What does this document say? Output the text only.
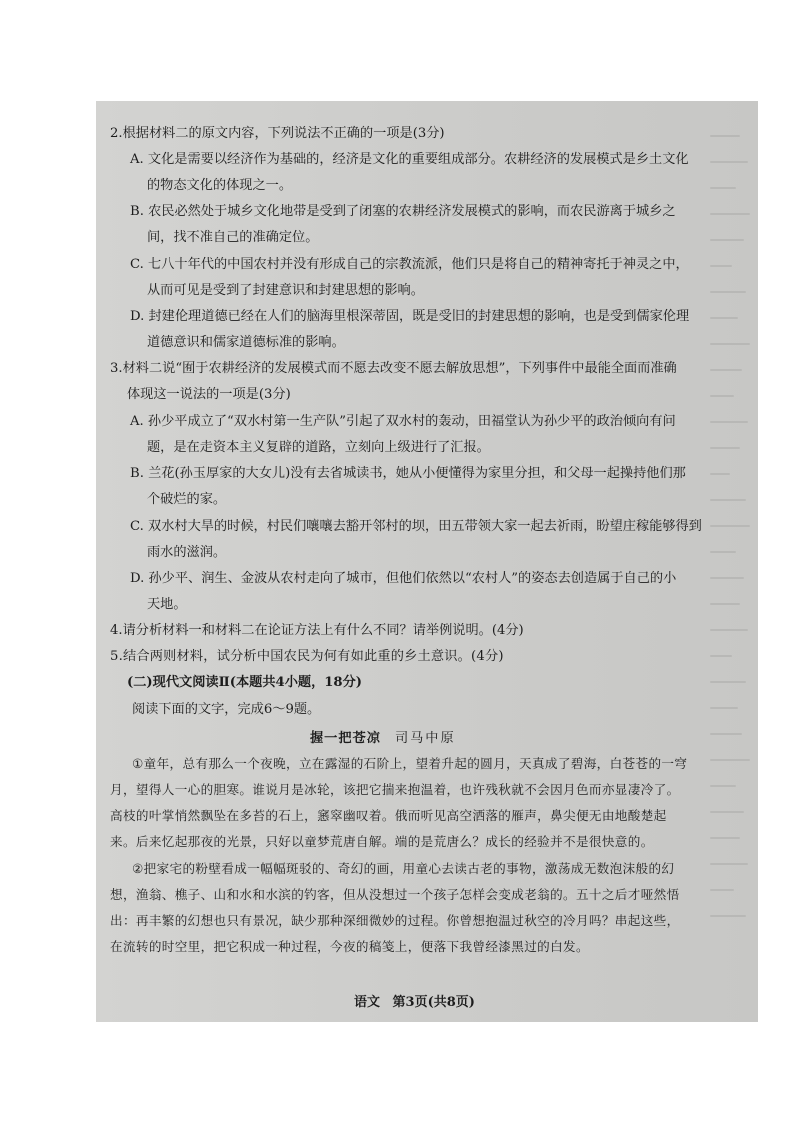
2.根据材料二的原文内容，下列说法不正确的一项是(3分)
A. 文化是需要以经济作为基础的，经济是文化的重要组成部分。农耕经济的发展模式是乡土文化
的物态文化的体现之一。
B. 农民必然处于城乡文化地带是受到了闭塞的农耕经济发展模式的影响，而农民游离于城乡之
间，找不准自己的准确定位。
C. 七八十年代的中国农村并没有形成自己的宗教流派，他们只是将自己的精神寄托于神灵之中，
从而可见是受到了封建意识和封建思想的影响。
D. 封建伦理道德已经在人们的脑海里根深蒂固，既是受旧的封建思想的影响，也是受到儒家伦理
道德意识和儒家道德标准的影响。
3.材料二说“囿于农耕经济的发展模式而不愿去改变不愿去解放思想”，下列事件中最能全面而准确
体现这一说法的一项是(3分)
A. 孙少平成立了“双水村第一生产队”引起了双水村的轰动，田福堂认为孙少平的政治倾向有问
题，是在走资本主义复辟的道路，立刻向上级进行了汇报。
B. 兰花(孙玉厚家的大女儿)没有去省城读书，她从小便懂得为家里分担，和父母一起操持他们那
个破烂的家。
C. 双水村大旱的时候，村民们嚷嚷去豁开邻村的坝，田五带领大家一起去祈雨，盼望庄稼能够得到
雨水的滋润。
D. 孙少平、润生、金波从农村走向了城市，但他们依然以“农村人”的姿态去创造属于自己的小
天地。
4.请分析材料一和材料二在论证方法上有什么不同？请举例说明。(4分)
5.结合两则材料，试分析中国农民为何有如此重的乡土意识。(4分)
(二)现代文阅读Ⅱ(本题共4小题，18分)
阅读下面的文字，完成6～9题。
握一把苍凉 司马中原
①童年，总有那么一个夜晚，立在露湿的石阶上，望着升起的圆月，天真成了碧海，白苍苍的一穹
月，望得人一心的胆寒。谁说月是冰轮，该把它揣来抱温着，也许残秋就不会因月色而亦显凄冷了。
高枝的叶掌悄然飘坠在多苔的石上，窸窣幽叹着。俄而听见高空洒落的雁声，鼻尖便无由地酸楚起
来。后来忆起那夜的光景，只好以童梦荒唐自解。端的是荒唐么？成长的经验并不是很快意的。
②把家宅的粉壁看成一幅幅斑驳的、奇幻的画，用童心去读古老的事物，激荡成无数泡沫般的幻
想，渔翁、樵子、山和水和水滨的钓客，但从没想过一个孩子怎样会变成老翁的。五十之后才哑然悟
出：再丰繁的幻想也只有景况，缺少那种深细微妙的过程。你曾想抱温过秋空的冷月吗？串起这些，
在流转的时空里，把它积成一种过程，今夜的稿笺上，便落下我曾经漆黑过的白发。
语文 第3页(共8页)
